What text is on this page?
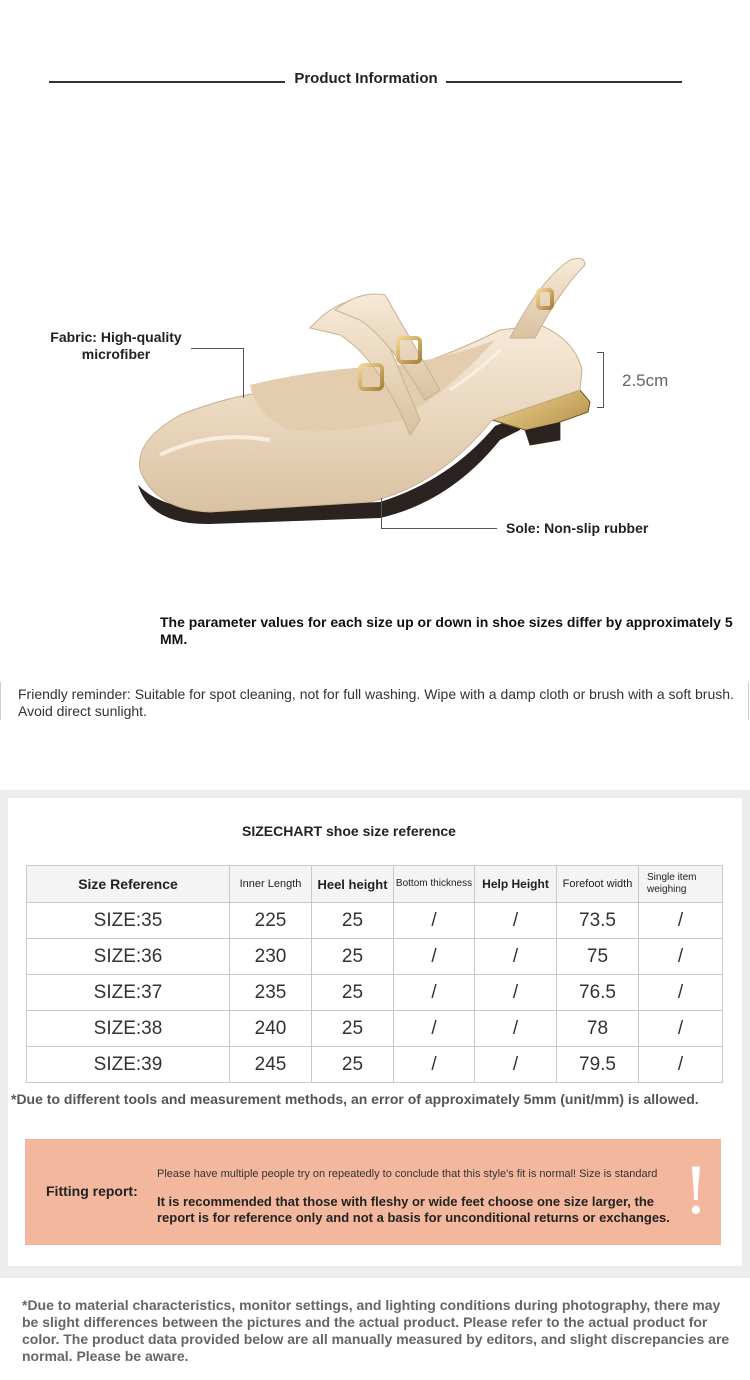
Product Information
Fabric: High-quality microfiber
2.5cm
Sole: Non-slip rubber
The parameter values for each size up or down in shoe sizes differ by approximately 5 MM.
Friendly reminder: Suitable for spot cleaning, not for full washing. Wipe with a damp cloth or brush with a soft brush. Avoid direct sunlight.
SIZECHART shoe size reference
Size Reference	Inner Length	Heel height	Bottom thickness	Help Height	Forefoot width	Single item weighing
SIZE:35	225	25	/	/	73.5	/
SIZE:36	230	25	/	/	75	/
SIZE:37	235	25	/	/	76.5	/
SIZE:38	240	25	/	/	78	/
SIZE:39	245	25	/	/	79.5	/
*Due to different tools and measurement methods, an error of approximately 5mm (unit/mm) is allowed.
Fitting report:
Please have multiple people try on repeatedly to conclude that this style's fit is normal! Size is standard
It is recommended that those with fleshy or wide feet choose one size larger, the report is for reference only and not a basis for unconditional returns or exchanges. !
*Due to material characteristics, monitor settings, and lighting conditions during photography, there may be slight differences between the pictures and the actual product. Please refer to the actual product for color. The product data provided below are all manually measured by editors, and slight discrepancies are normal. Please be aware.
